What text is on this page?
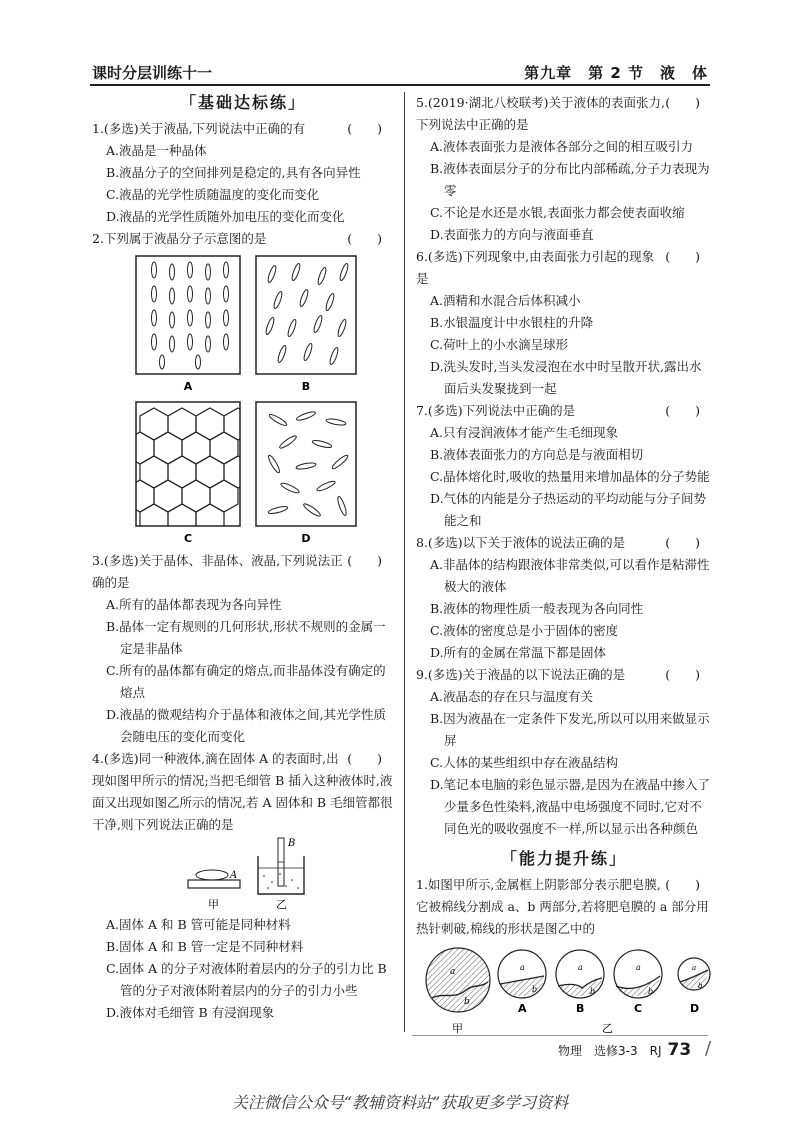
课时分层训练十一	第九章　第 2 节　液　体
「基础达标练」

(　　)
1.(多选)关于液晶,下列说法中正确的有

A.液晶是一种晶体

B.液晶分子的空间排列是稳定的,具有各向异性

C.液晶的光学性质随温度的变化而变化

D.液晶的光学性质随外加电压的变化而变化

(　　)
2.下列属于液晶分子示意图的是

A	B
C	D

(　　)
3.(多选)关于晶体、非晶体、液晶,下列说法正确的是

A.所有的晶体都表现为各向异性

B.晶体一定有规则的几何形状,形状不规则的金属一定是非晶体

C.所有的晶体都有确定的熔点,而非晶体没有确定的熔点

D.液晶的微观结构介于晶体和液体之间,其光学性质会随电压的变化而变化

(　　)
4.(多选)同一种液体,滴在固体 A 的表面时,出现如图甲所示的情况;当把毛细管 B 插入这种液体时,液面又出现如图乙所示的情况,若 A 固体和 B 毛细管都很干净,则下列说法正确的是

A
甲
B
乙

A.固体 A 和 B 管可能是同种材料

B.固体 A 和 B 管一定是不同种材料

C.固体 A 的分子对液体附着层内的分子的引力比 B 管的分子对液体附着层内的分子的引力小些

D.液体对毛细管 B 有浸润现象

(　　)
5.(2019·湖北八校联考)关于液体的表面张力,下列说法中正确的是

A.液体表面张力是液体各部分之间的相互吸引力

B.液体表面层分子的分布比内部稀疏,分子力表现为零

C.不论是水还是水银,表面张力都会使表面收缩

D.表面张力的方向与液面垂直

(　　)
6.(多选)下列现象中,由表面张力引起的现象是

A.酒精和水混合后体积减小

B.水银温度计中水银柱的升降

C.荷叶上的小水滴呈球形

D.洗头发时,当头发浸泡在水中时呈散开状,露出水面后头发聚拢到一起

(　　)
7.(多选)下列说法中正确的是

A.只有浸润液体才能产生毛细现象

B.液体表面张力的方向总是与液面相切

C.晶体熔化时,吸收的热量用来增加晶体的分子势能

D.气体的内能是分子热运动的平均动能与分子间势能之和

(　　)
8.(多选)以下关于液体的说法正确的是

A.非晶体的结构跟液体非常类似,可以看作是粘滞性极大的液体

B.液体的物理性质一般表现为各向同性

C.液体的密度总是小于固体的密度

D.所有的金属在常温下都是固体

(　　)
9.(多选)关于液晶的以下说法正确的是

A.液晶态的存在只与温度有关

B.因为液晶在一定条件下发光,所以可以用来做显示屏

C.人体的某些组织中存在液晶结构

D.笔记本电脑的彩色显示器,是因为在液晶中掺入了少量多色性染料,液晶中电场强度不同时,它对不同色光的吸收强度不一样,所以显示出各种颜色

「能力提升练」

(　　)
1.如图甲所示,金属框上阴影部分表示肥皂膜,它被棉线分割成 a、b 两部分,若将肥皂膜的 a 部分用热针刺破,棉线的形状是图乙中的

a
b
甲
a
b
A
a
b
B
a
b
C
a
b
D
乙
物理　选修3-3　RJ 73 /
关注微信公众号“教辅资料站”获取更多学习资料
